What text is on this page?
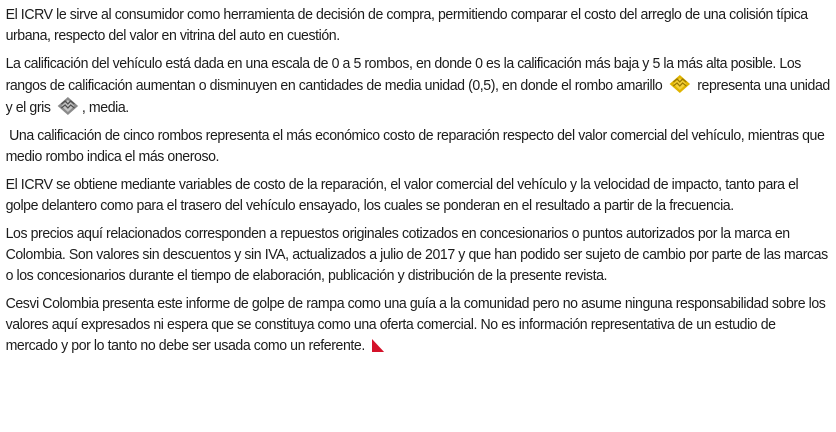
El ICRV le sirve al consumidor como herramienta de decisión de compra, permitiendo comparar el costo del arreglo de una colisión típica urbana, respecto del valor en vitrina del auto en cuestión.

La calificación del vehículo está dada en una escala de 0 a 5 rombos, en donde 0 es la calificación más baja y 5 la más alta posible. Los rangos de calificación aumentan o disminuyen en cantidades de media unidad (0,5), en donde el rombo amarillo representa una unidad y el gris , media.

Una calificación de cinco rombos representa el más económico costo de reparación respecto del valor comercial del vehículo, mientras que medio rombo indica el más oneroso.

El ICRV se obtiene mediante variables de costo de la reparación, el valor comercial del vehículo y la velocidad de impacto, tanto para el golpe delantero como para el trasero del vehículo ensayado, los cuales se ponderan en el resultado a partir de la frecuencia.

Los precios aquí relacionados corresponden a repuestos originales cotizados en concesionarios o puntos autorizados por la marca en Colombia. Son valores sin descuentos y sin IVA, actualizados a julio de 2017 y que han podido ser sujeto de cambio por parte de las marcas o los concesionarios durante el tiempo de elaboración, publicación y distribución de la presente revista.

Cesvi Colombia presenta este informe de golpe de rampa como una guía a la comunidad pero no asume ninguna responsabilidad sobre los valores aquí expresados ni espera que se constituya como una oferta comercial. No es información representativa de un estudio de mercado y por lo tanto no debe ser usada como un referente.
